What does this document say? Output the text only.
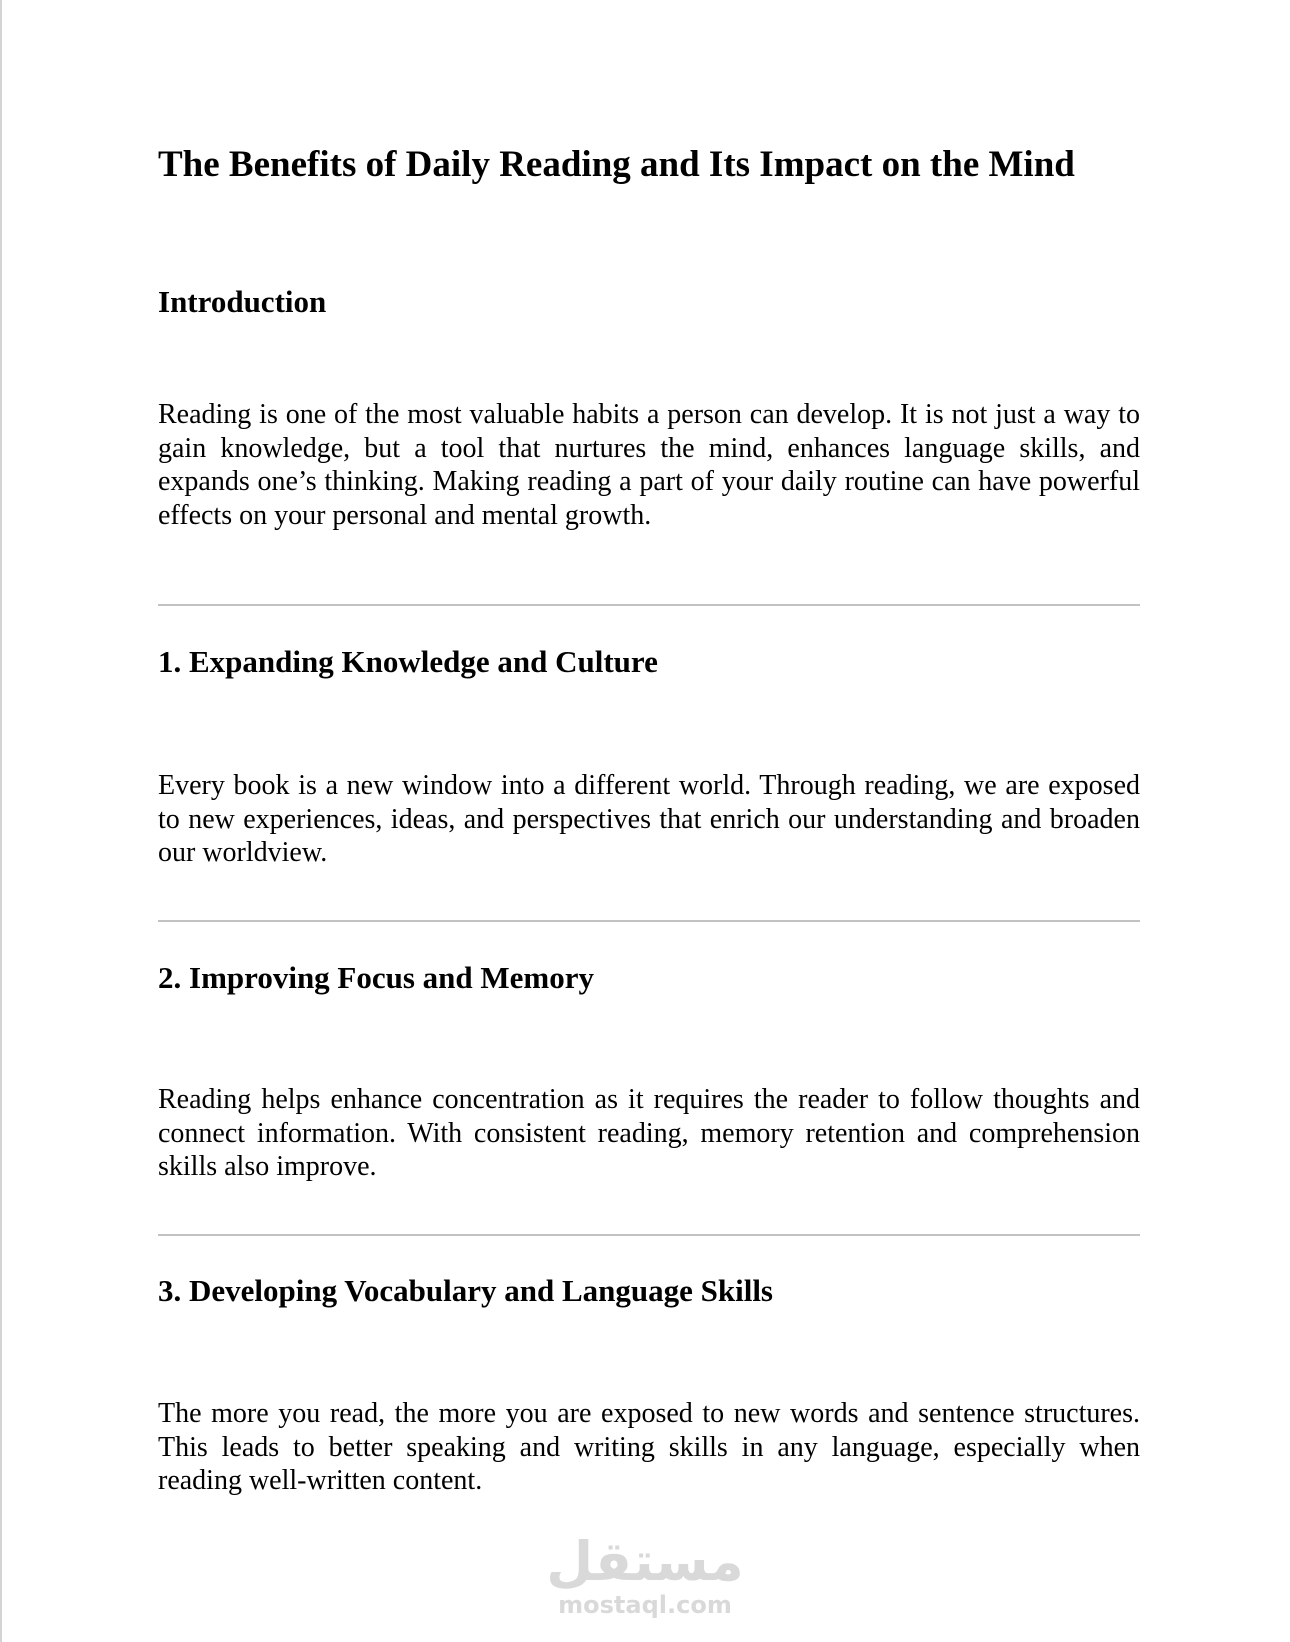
The Benefits of Daily Reading and Its Impact on the Mind
Introduction

Reading is one of the most valuable habits a person can develop. It is not just a way to gain knowledge, but a tool that nurtures the mind, enhances language skills, and expands one’s thinking. Making reading a part of your daily routine can have powerful effects on your personal and mental growth.

1. Expanding Knowledge and Culture

Every book is a new window into a different world. Through reading, we are exposed to new experiences, ideas, and perspectives that enrich our understanding and broaden our worldview.

2. Improving Focus and Memory

Reading helps enhance concentration as it requires the reader to follow thoughts and connect information. With consistent reading, memory retention and comprehension skills also improve.

3. Developing Vocabulary and Language Skills

The more you read, the more you are exposed to new words and sentence structures. This leads to better speaking and writing skills in any language, especially when reading well-written content.

مستقل
mostaql.com
